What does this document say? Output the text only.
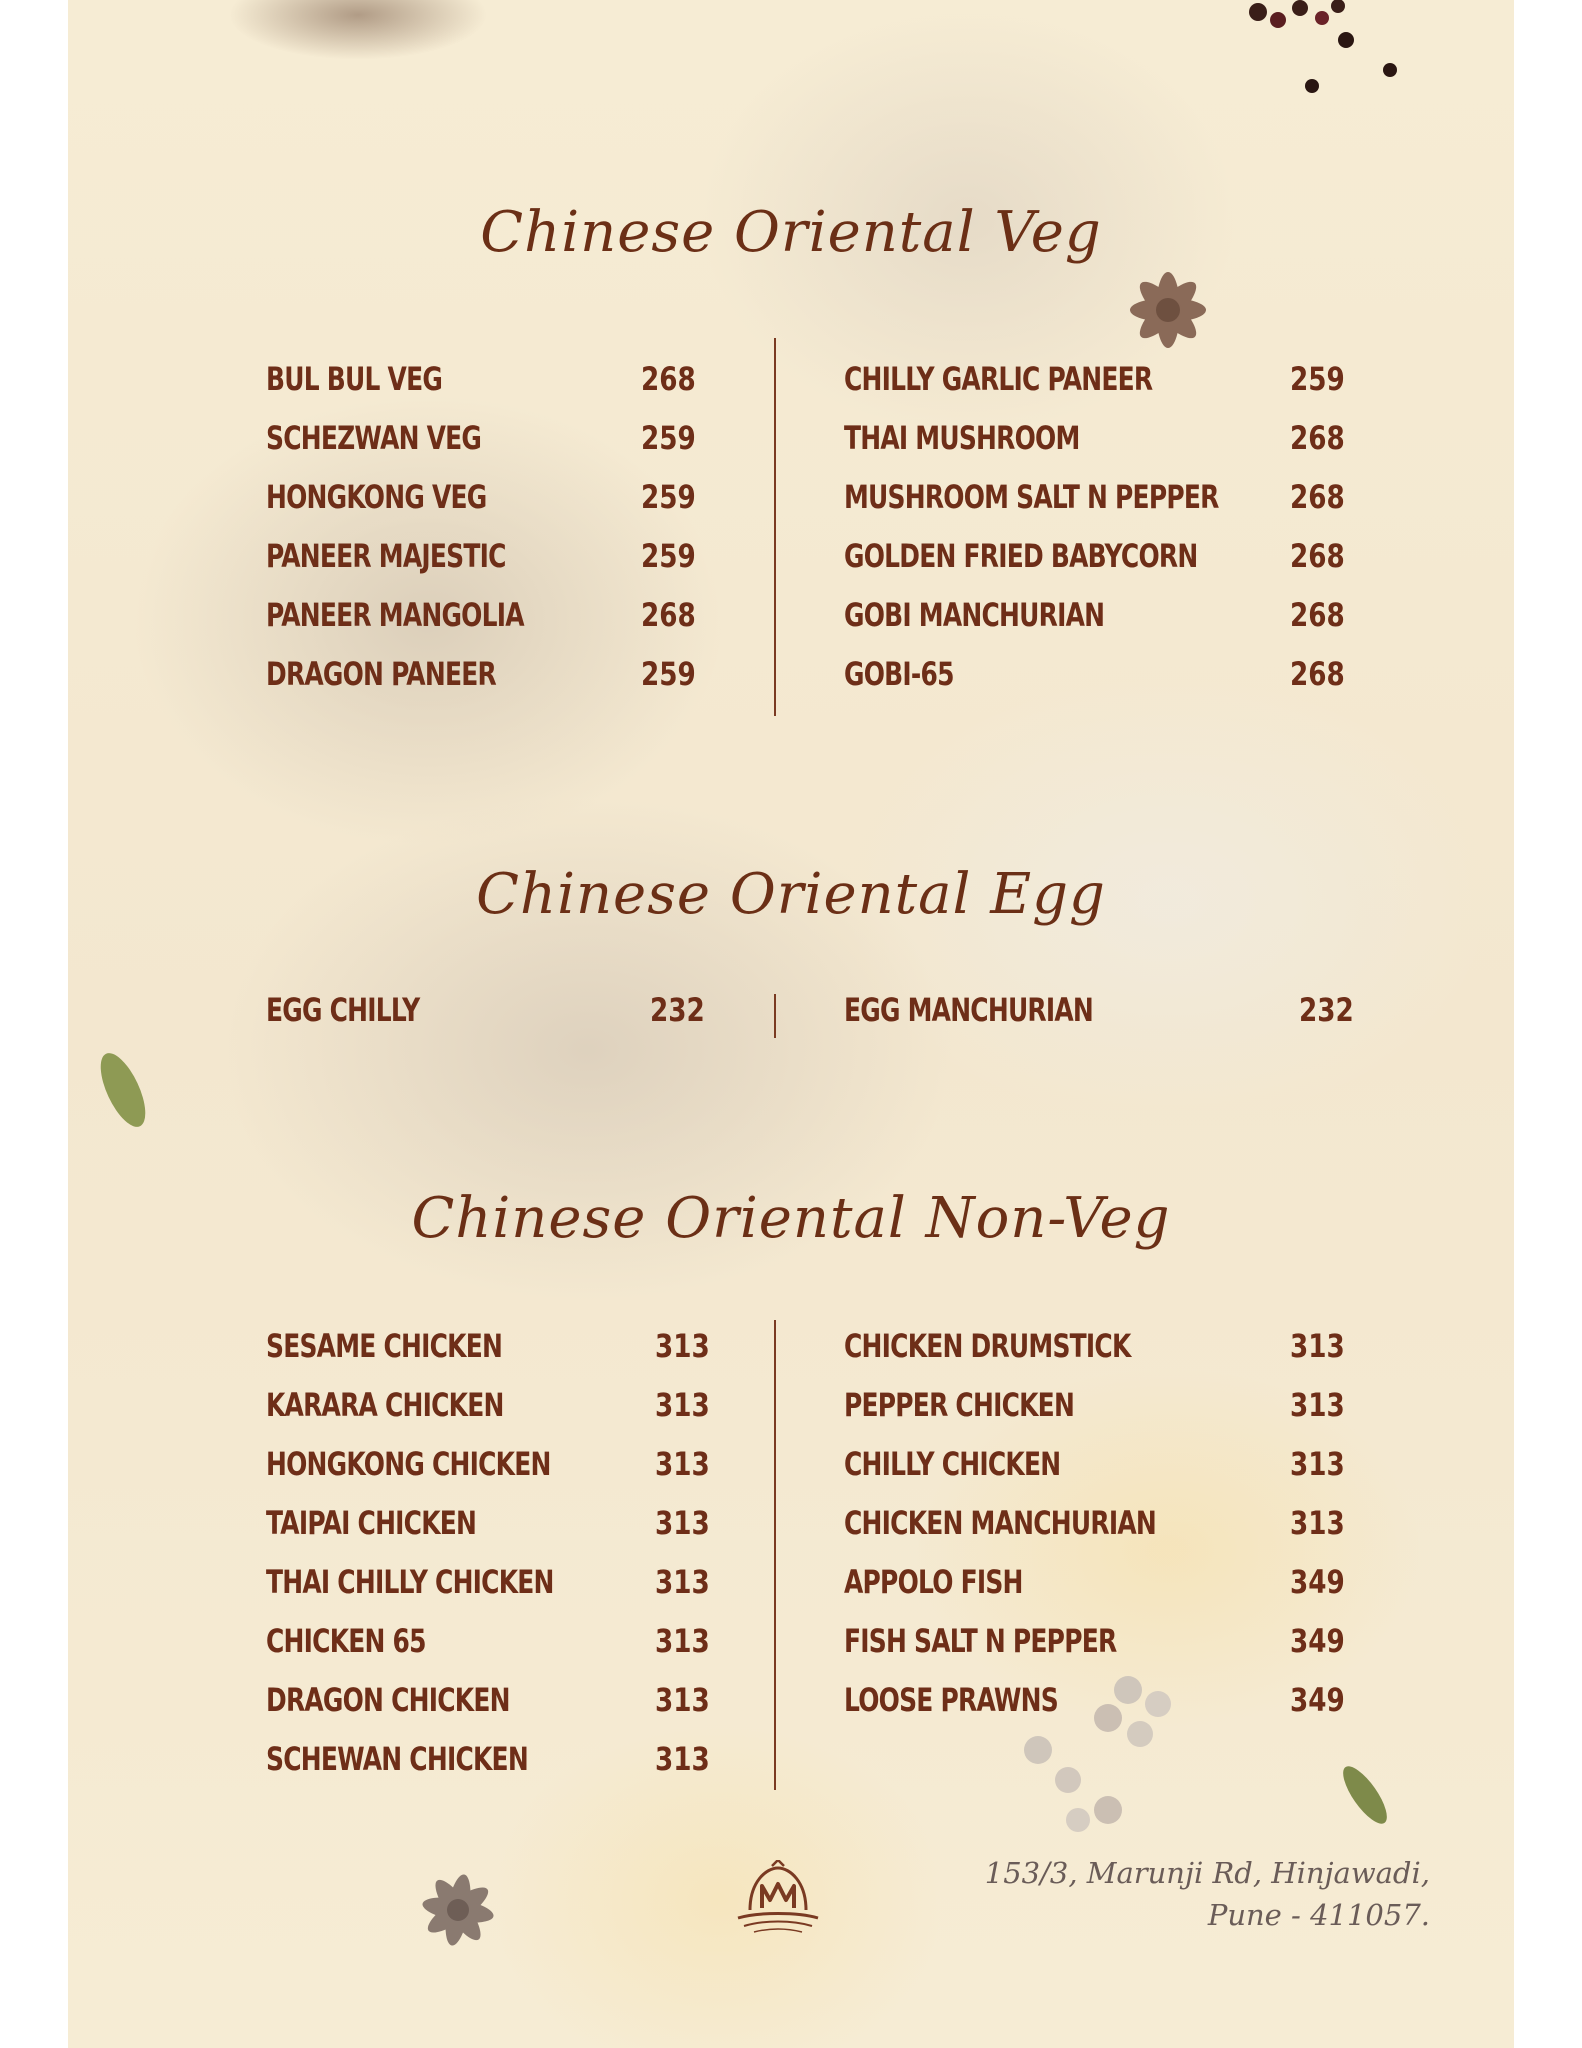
Chinese Oriental Veg
BUL BUL VEG	268
SCHEZWAN VEG	259
HONGKONG VEG	259
PANEER MAJESTIC	259
PANEER MANGOLIA	268
DRAGON PANEER	259
CHILLY GARLIC PANEER	259
THAI MUSHROOM	268
MUSHROOM SALT N PEPPER 268
GOLDEN FRIED BABYCORN	268
GOBI MANCHURIAN	268
GOBI-65	268
Chinese Oriental Egg
EGG CHILLY	232	EGG MANCHURIAN	232
Chinese Oriental Non-Veg
SESAME CHICKEN	313
KARARA CHICKEN	313
HONGKONG CHICKEN	313
TAIPAI CHICKEN	313
THAI CHILLY CHICKEN	313
CHICKEN 65	313
DRAGON CHICKEN	313
SCHEWAN CHICKEN	313
CHICKEN DRUMSTICK	313
PEPPER CHICKEN	313
CHILLY CHICKEN	313
CHICKEN MANCHURIAN	313
APPOLO FISH	349
FISH SALT N PEPPER	349
LOOSE PRAWNS	349
153/3, Marunji Rd, Hinjawadi,
Pune - 411057.
